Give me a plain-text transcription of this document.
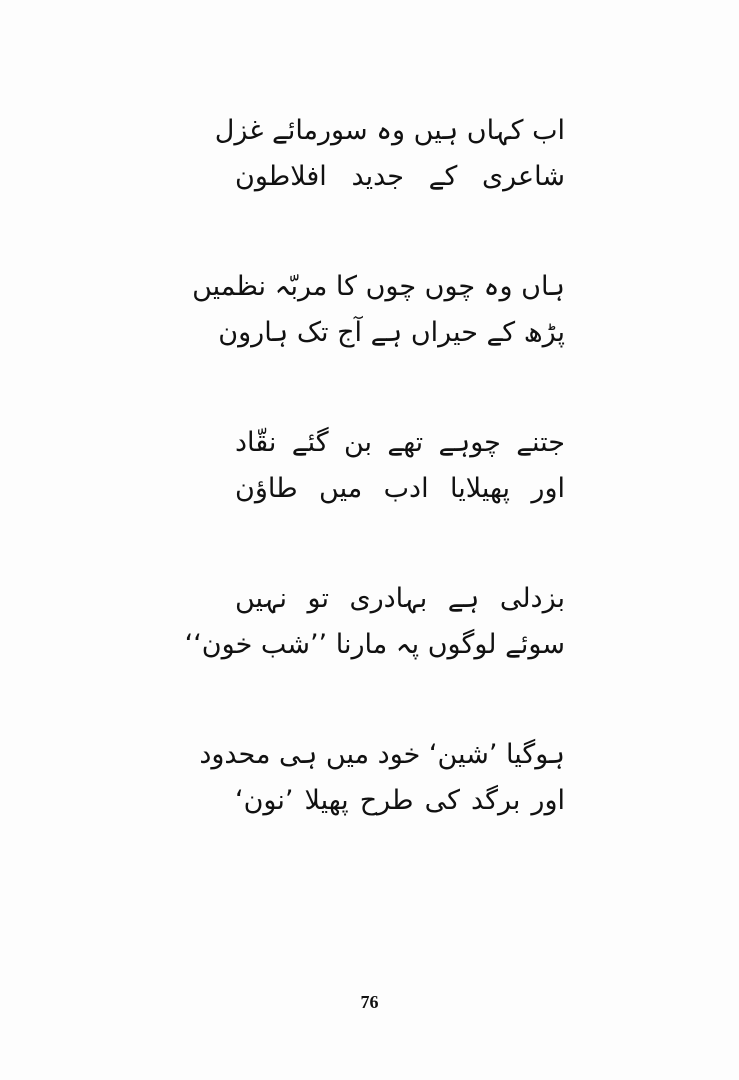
اب کہاں ہیں وہ سورمائے غزل
شاعری کے جدید افلاطون
ہاں وہ چوں چوں کا مربّہ نظمیں
پڑھ کے حیراں ہے آج تک ہارون
جتنے چوہے تھے بن گئے نقّاد
اور پھیلایا ادب میں طاؤن
بزدلی ہے بہادری تو نہیں
سوئے لوگوں پہ مارنا ’’شب خون‘‘
ہوگیا ’شین‘ خود میں ہی محدود
اور برگد کی طرح پھیلا ’نون‘
76
